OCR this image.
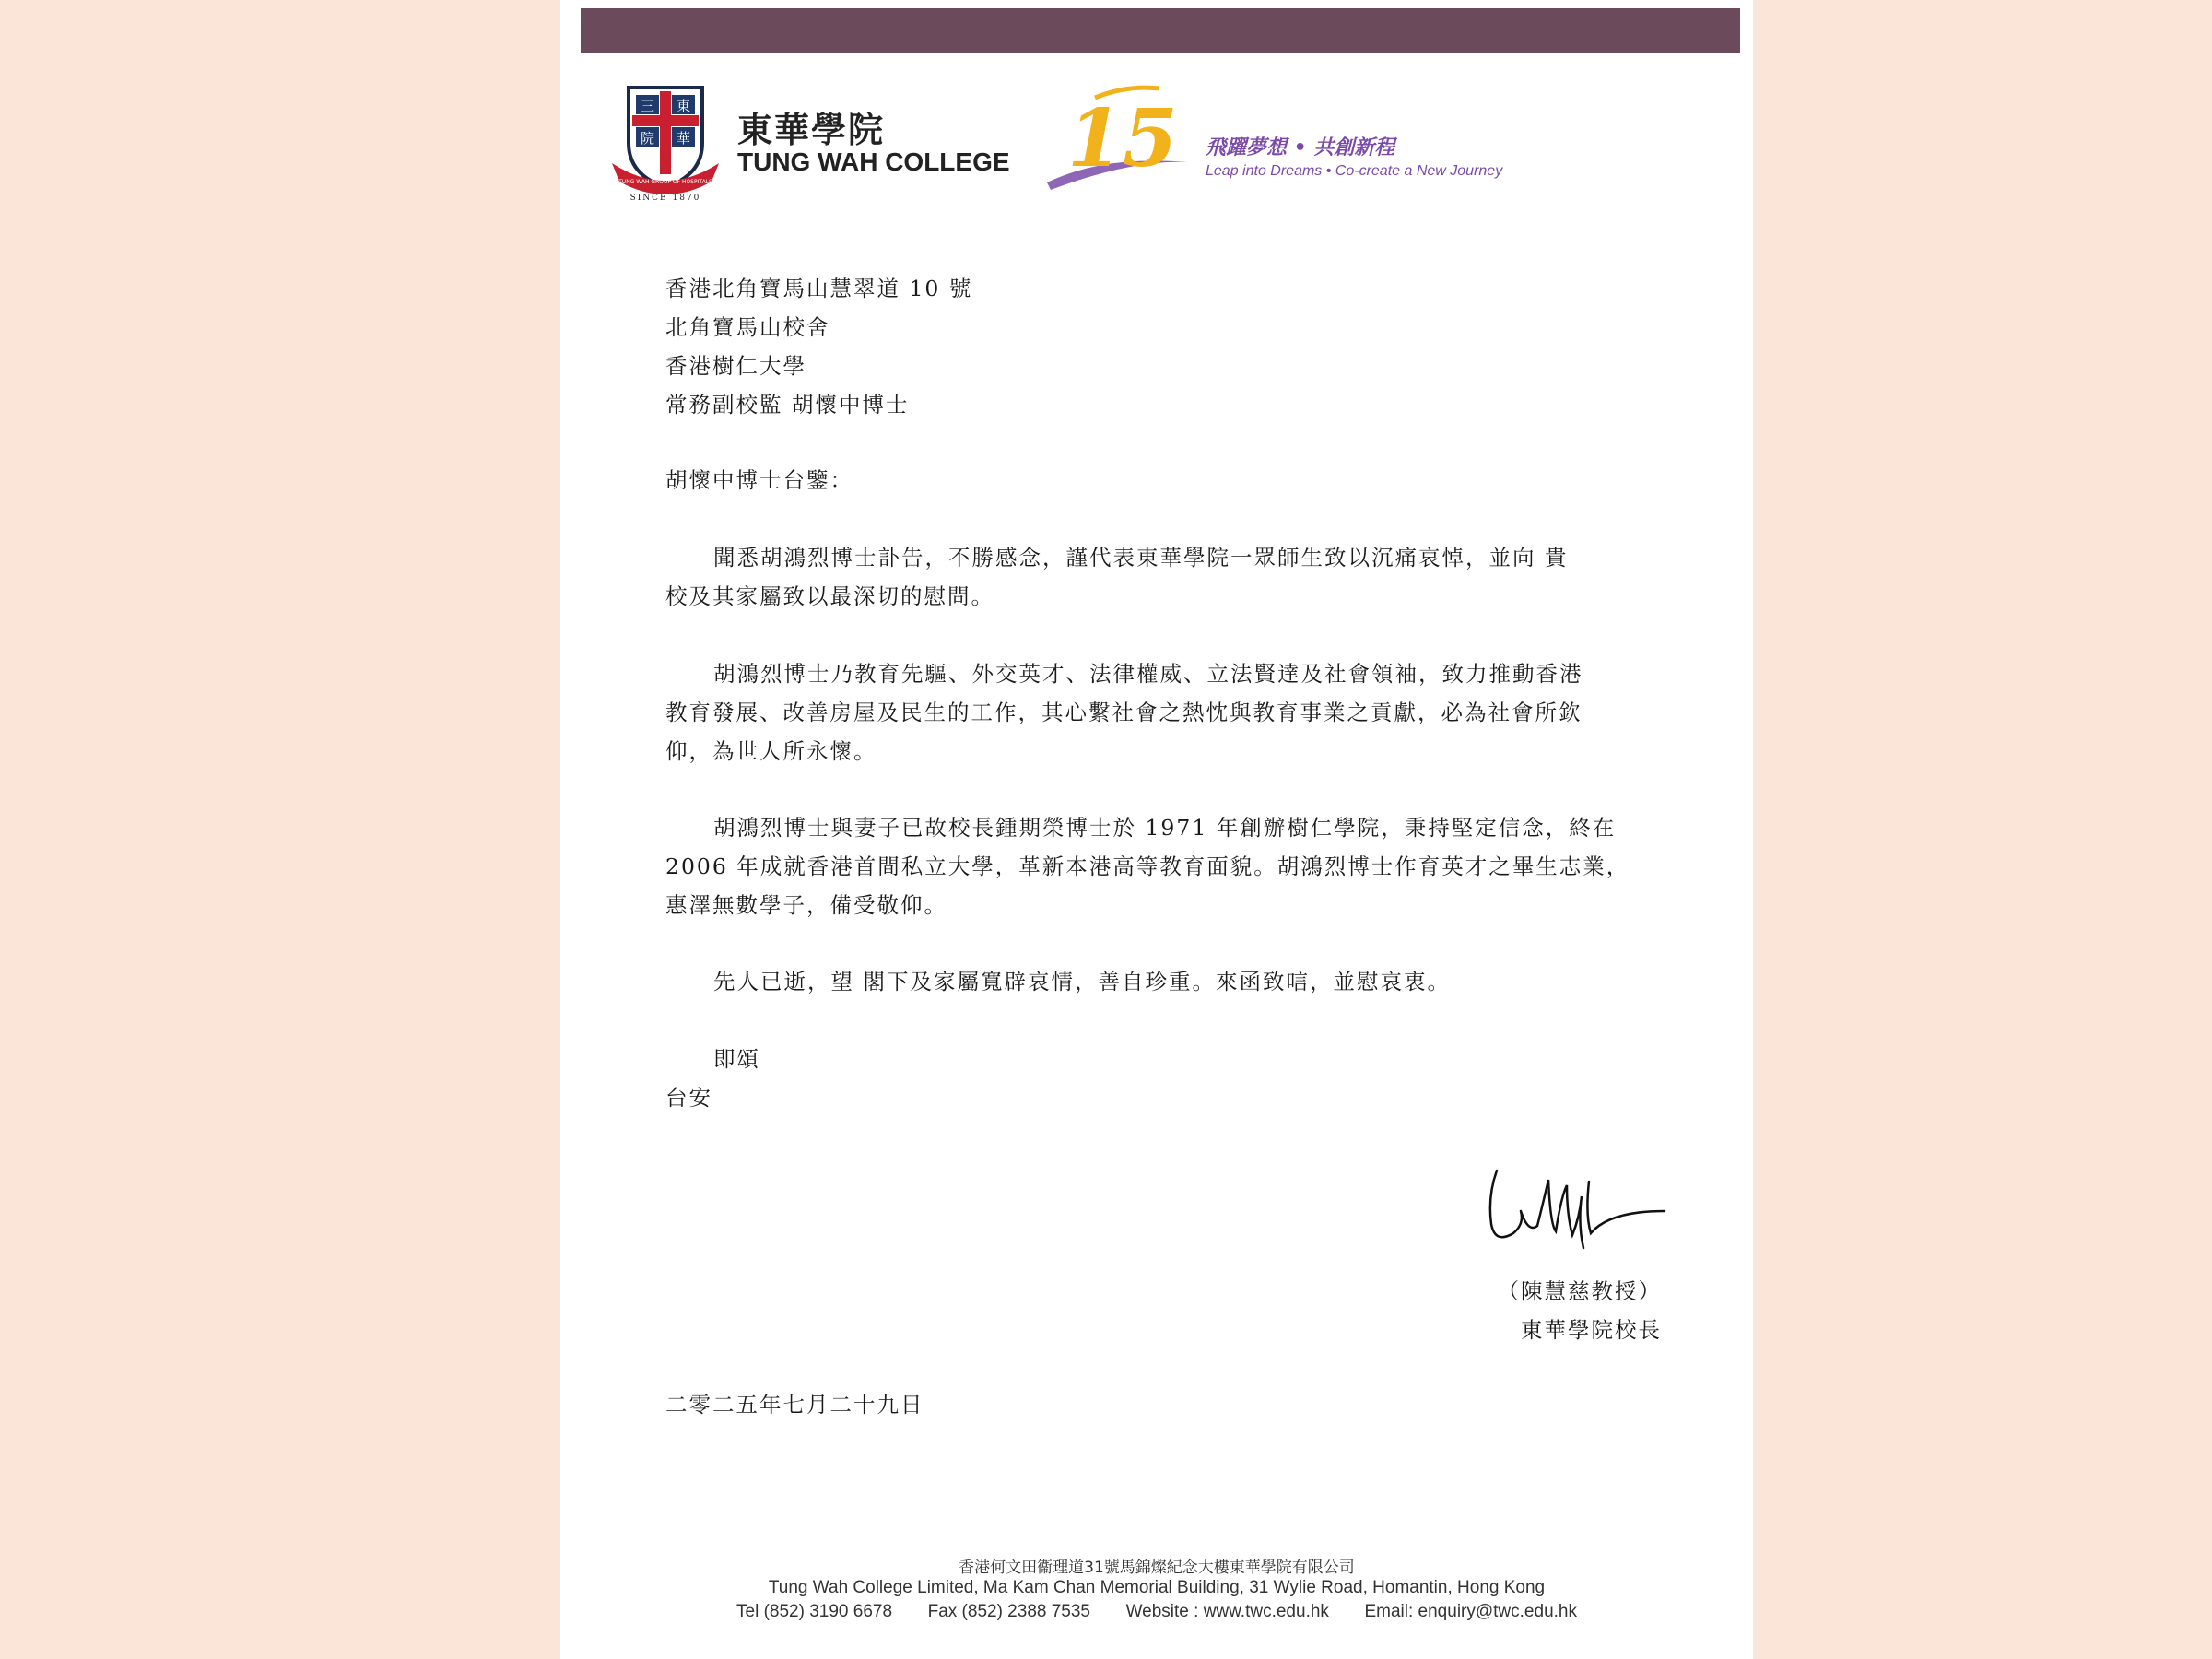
三 東
院 華
TUNG WAH GROUP OF HOSPITALS
SINCE 1870
東華學院
TUNG WAH COLLEGE 15 飛躍夢想 • 共創新程
Leap into Dreams • Co-create a New Journey
香港北角寶馬山慧翠道 10 號
北角寶馬山校舍
香港樹仁大學
常務副校監 胡懷中博士
胡懷中博士台鑒：
聞悉胡鴻烈博士訃告，不勝感念，謹代表東華學院一眾師生致以沉痛哀悼，並向 貴
校及其家屬致以最深切的慰問。
胡鴻烈博士乃教育先驅、外交英才、法律權威、立法賢達及社會領袖，致力推動香港
教育發展、改善房屋及民生的工作，其心繫社會之熱忱與教育事業之貢獻，必為社會所欽
仰，為世人所永懷。
胡鴻烈博士與妻子已故校長鍾期榮博士於 1971 年創辦樹仁學院，秉持堅定信念，終在
2006 年成就香港首間私立大學，革新本港高等教育面貌。胡鴻烈博士作育英才之畢生志業，
惠澤無數學子，備受敬仰。
先人已逝，望 閣下及家屬寬辟哀情，善自珍重。來函致唁，並慰哀衷。
即頌
台安
（陳慧慈教授）
東華學院校長
二零二五年七月二十九日
香港何文田衞理道31號馬錦燦紀念大樓東華學院有限公司
Tung Wah College Limited, Ma Kam Chan Memorial Building, 31 Wylie Road, Homantin, Hong Kong
Tel (852) 3190 6678 Fax (852) 2388 7535 Website : www.twc.edu.hk Email: enquiry@twc.edu.hk
